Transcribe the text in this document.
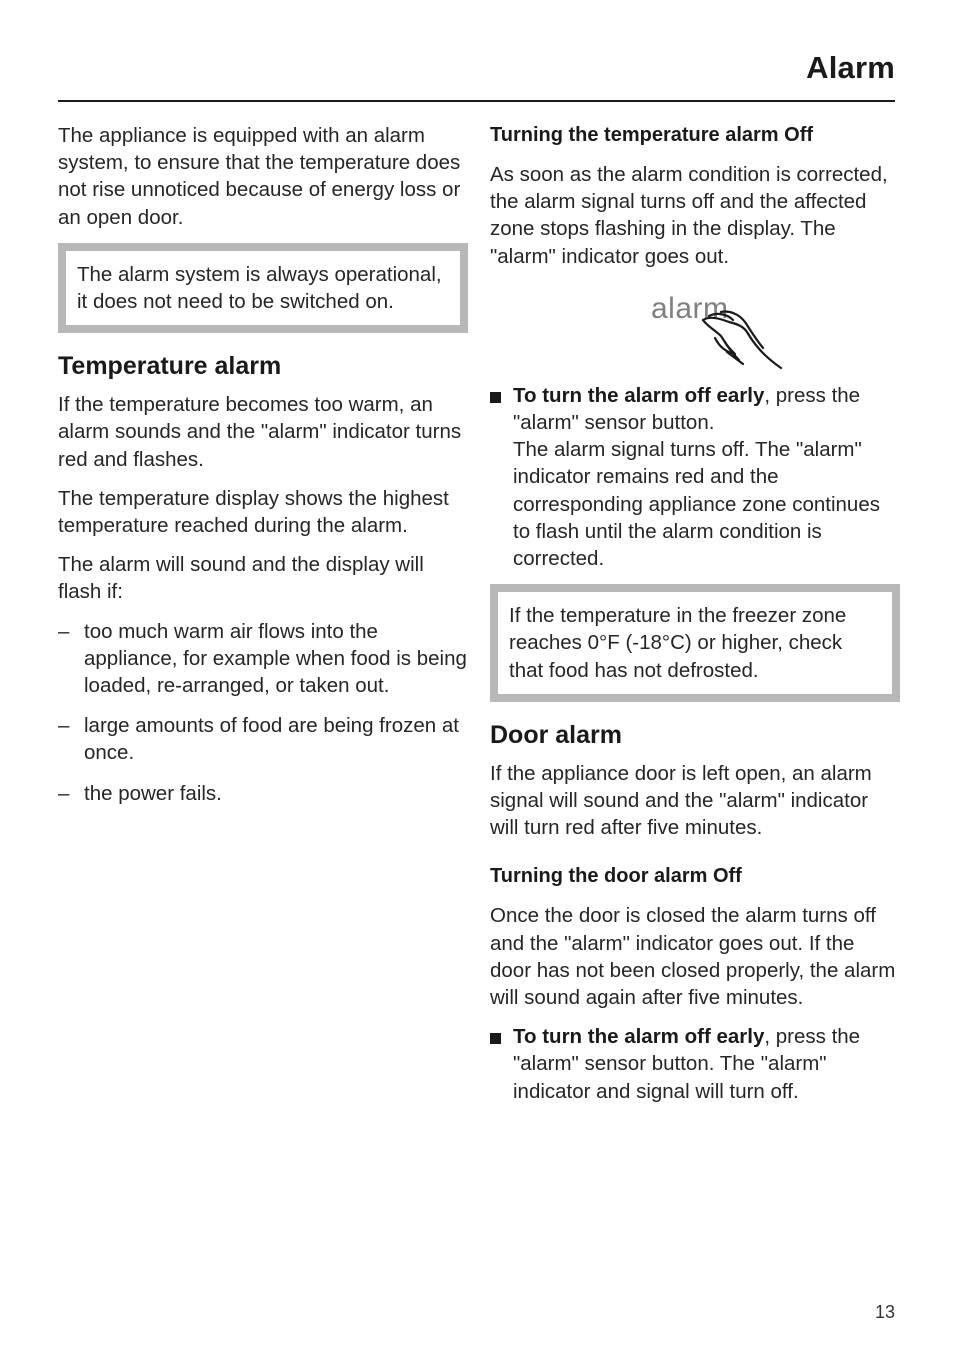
Alarm

The appliance is equipped with an alarm system, to ensure that the temperature does not rise unnoticed because of energy loss or an open door.

The alarm system is always operational, it does not need to be switched on.
Temperature alarm

If the temperature becomes too warm, an alarm sounds and the "alarm" indicator turns red and flashes.

The temperature display shows the highest temperature reached during the alarm.

The alarm will sound and the display will flash if:

– too much warm air flows into the appliance, for example when food is being loaded, re-arranged, or taken out.
– large amounts of food are being frozen at once.
– the power fails.
Turning the temperature alarm Off

As soon as the alarm condition is corrected, the alarm signal turns off and the affected zone stops flashing in the display. The "alarm" indicator goes out.

alarm
To turn the alarm off early, press the "alarm" sensor button.
The alarm signal turns off. The "alarm" indicator remains red and the corresponding appliance zone continues to flash until the alarm condition is corrected.
If the temperature in the freezer zone reaches 0°F (-18°C) or higher, check that food has not defrosted.
Door alarm

If the appliance door is left open, an alarm signal will sound and the "alarm" indicator will turn red after five minutes.

Turning the door alarm Off

Once the door is closed the alarm turns off and the "alarm" indicator goes out. If the door has not been closed properly, the alarm will sound again after five minutes.

To turn the alarm off early, press the "alarm" sensor button. The "alarm" indicator and signal will turn off.
13
